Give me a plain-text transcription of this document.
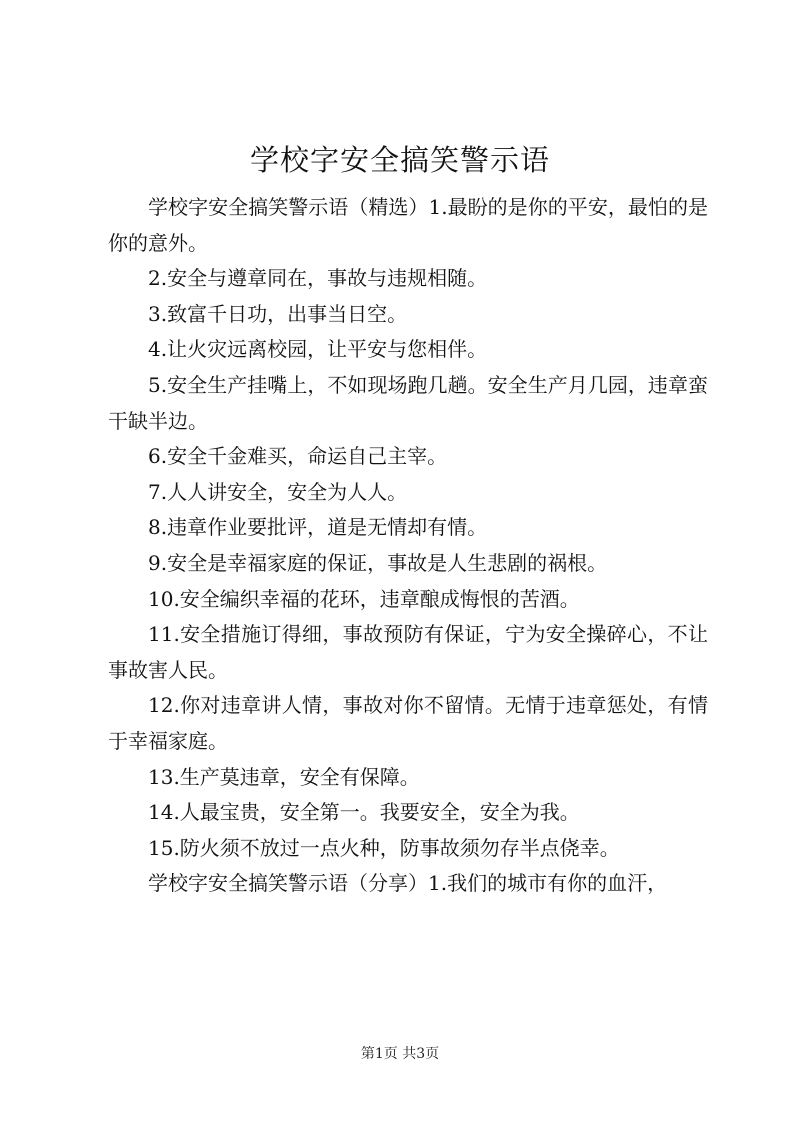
学校字安全搞笑警示语

学校字安全搞笑警示语（精选）1.最盼的是你的平安，最怕的是你的意外。

2.安全与遵章同在，事故与违规相随。

3.致富千日功，出事当日空。

4.让火灾远离校园，让平安与您相伴。

5.安全生产挂嘴上，不如现场跑几趟。安全生产月几园，违章蛮干缺半边。

6.安全千金难买，命运自己主宰。

7.人人讲安全，安全为人人。

8.违章作业要批评，道是无情却有情。

9.安全是幸福家庭的保证，事故是人生悲剧的祸根。

10.安全编织幸福的花环，违章酿成悔恨的苦酒。

11.安全措施订得细，事故预防有保证，宁为安全操碎心，不让事故害人民。

12.你对违章讲人情，事故对你不留情。无情于违章惩处，有情于幸福家庭。

13.生产莫违章，安全有保障。

14.人最宝贵，安全第一。我要安全，安全为我。

15.防火须不放过一点火种，防事故须勿存半点侥幸。

学校字安全搞笑警示语（分享）1.我们的城市有你的血汗，

第1页 共3页
